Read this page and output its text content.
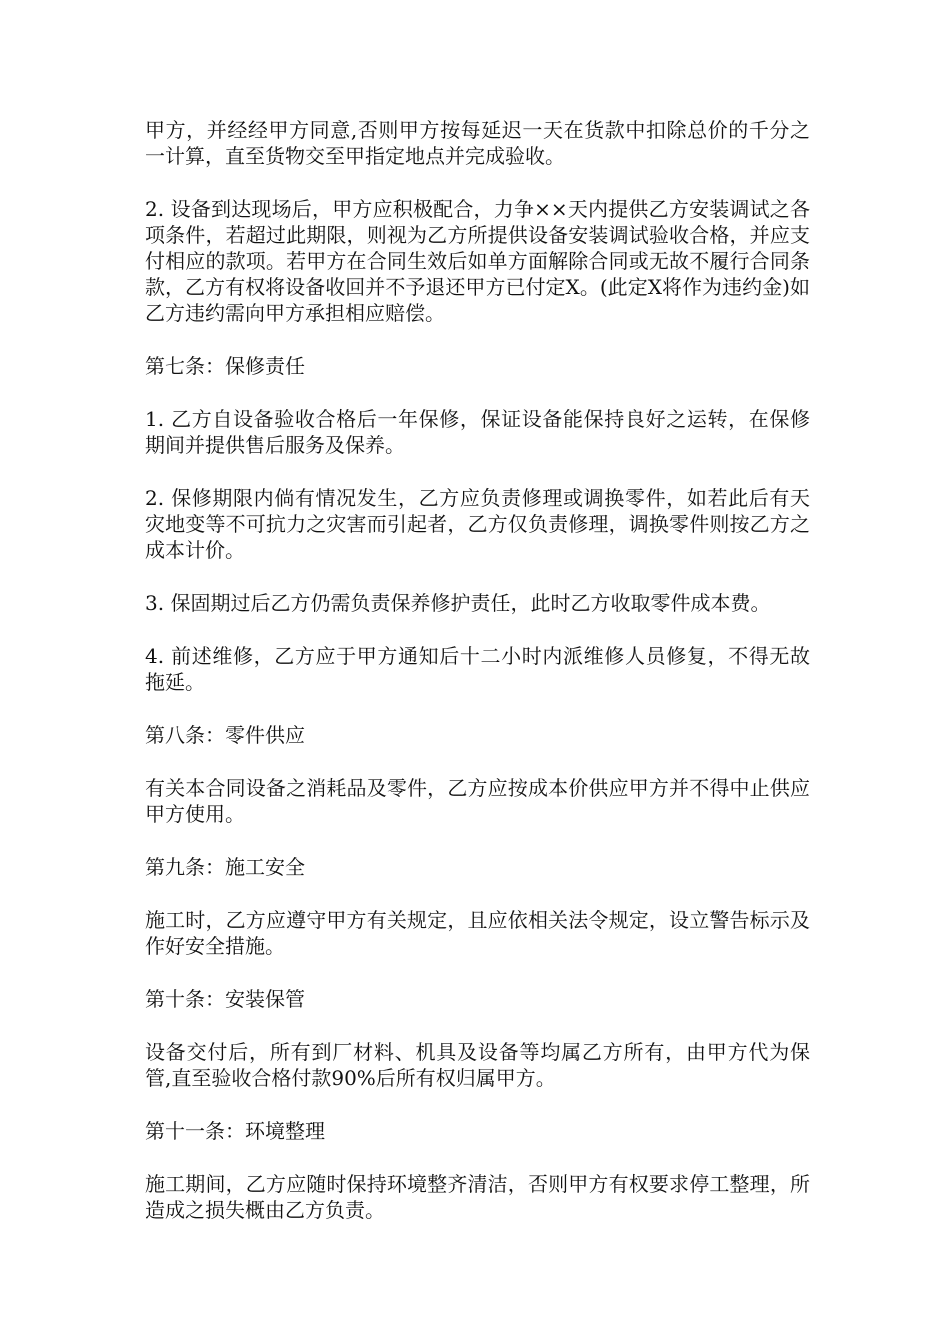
甲方，并经经甲方同意,否则甲方按每延迟一天在货款中扣除总价的千分之一计算，直至货物交至甲指定地点并完成验收。

2. 设备到达现场后，甲方应积极配合，力争××天内提供乙方安装调试之各项条件，若超过此期限，则视为乙方所提供设备安装调试验收合格，并应支付相应的款项。若甲方在合同生效后如单方面解除合同或无故不履行合同条款，乙方有权将设备收回并不予退还甲方已付定X。(此定X将作为违约金)如乙方违约需向甲方承担相应赔偿。

第七条：保修责任

1. 乙方自设备验收合格后一年保修，保证设备能保持良好之运转，在保修期间并提供售后服务及保养。

2. 保修期限内倘有情况发生，乙方应负责修理或调换零件，如若此后有天灾地变等不可抗力之灾害而引起者，乙方仅负责修理，调换零件则按乙方之成本计价。

3. 保固期过后乙方仍需负责保养修护责任，此时乙方收取零件成本费。

4. 前述维修，乙方应于甲方通知后十二小时内派维修人员修复，不得无故拖延。

第八条：零件供应

有关本合同设备之消耗品及零件，乙方应按成本价供应甲方并不得中止供应甲方使用。

第九条：施工安全

施工时，乙方应遵守甲方有关规定，且应依相关法令规定，设立警告标示及作好安全措施。

第十条：安装保管

设备交付后，所有到厂材料、机具及设备等均属乙方所有，由甲方代为保管,直至验收合格付款90%后所有权归属甲方。

第十一条：环境整理

施工期间，乙方应随时保持环境整齐清洁，否则甲方有权要求停工整理，所造成之损失概由乙方负责。
